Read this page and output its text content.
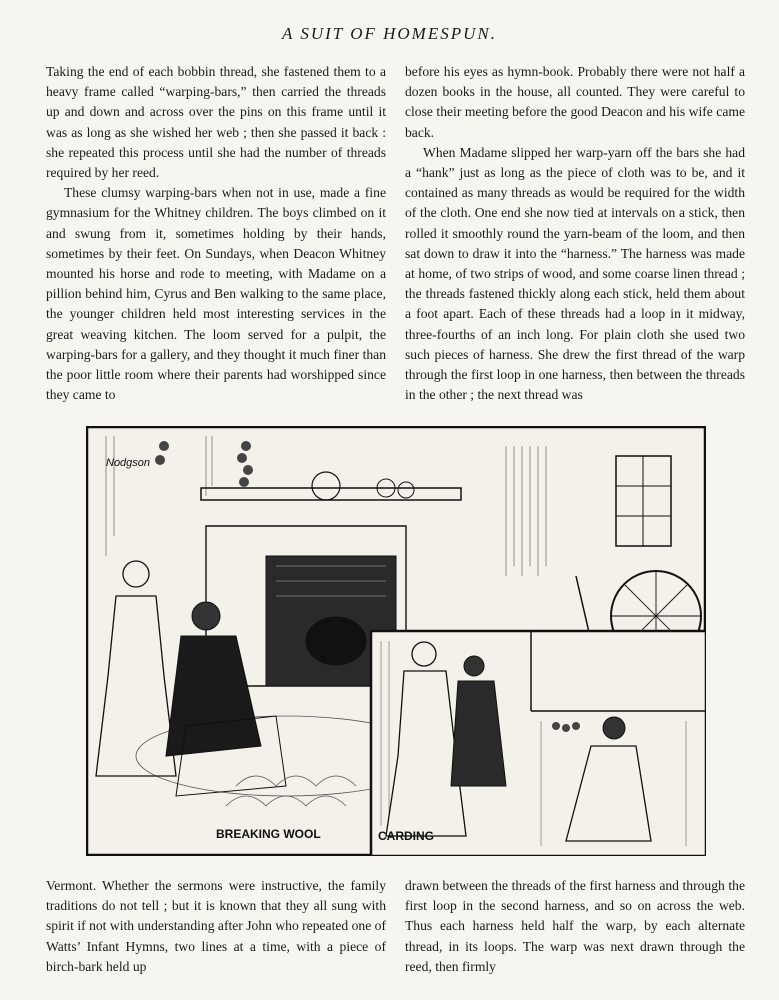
A SUIT OF HOMESPUN.

Taking the end of each bobbin thread, she fastened them to a heavy frame called “warping-bars,” then carried the threads up and down and across over the pins on this frame until it was as long as she wished her web ; then she passed it back : she repeated this process until she had the number of threads required by her reed.

These clumsy warping-bars when not in use, made a fine gymnasium for the Whitney children. The boys climbed on it and swung from it, sometimes holding by their hands, sometimes by their feet. On Sundays, when Deacon Whitney mounted his horse and rode to meeting, with Madame on a pillion behind him, Cyrus and Ben walking to the same place, the younger children held most interesting services in the great weaving kitchen. The loom served for a pulpit, the warping-bars for a gallery, and they thought it much finer than the poor little room where their parents had worshipped since they came to

before his eyes as hymn-book. Probably there were not half a dozen books in the house, all counted. They were careful to close their meeting before the good Deacon and his wife came back.

When Madame slipped her warp-yarn off the bars she had a “hank” just as long as the piece of cloth was to be, and it contained as many threads as would be required for the width of the cloth. One end she now tied at intervals on a stick, then rolled it smoothly round the yarn-beam of the loom, and then sat down to draw it into the “harness.” The harness was made at home, of two strips of wood, and some coarse linen thread ; the threads fastened thickly along each stick, held them about a foot apart. Each of these threads had a loop in it midway, three-fourths of an inch long. For plain cloth she used two such pieces of harness. She drew the first thread of the warp through the first loop in one harness, then between the threads in the other ; the next thread was

Nodgson
BREAKING WOOL	CARDING

Vermont. Whether the sermons were instructive, the family traditions do not tell ; but it is known that they all sung with spirit if not with understanding after John who repeated one of Watts’ Infant Hymns, two lines at a time, with a piece of birch-bark held up

drawn between the threads of the first harness and through the first loop in the second harness, and so on across the web. Thus each harness held half the warp, by each alternate thread, in its loops. The warp was next drawn through the reed, then firmly
